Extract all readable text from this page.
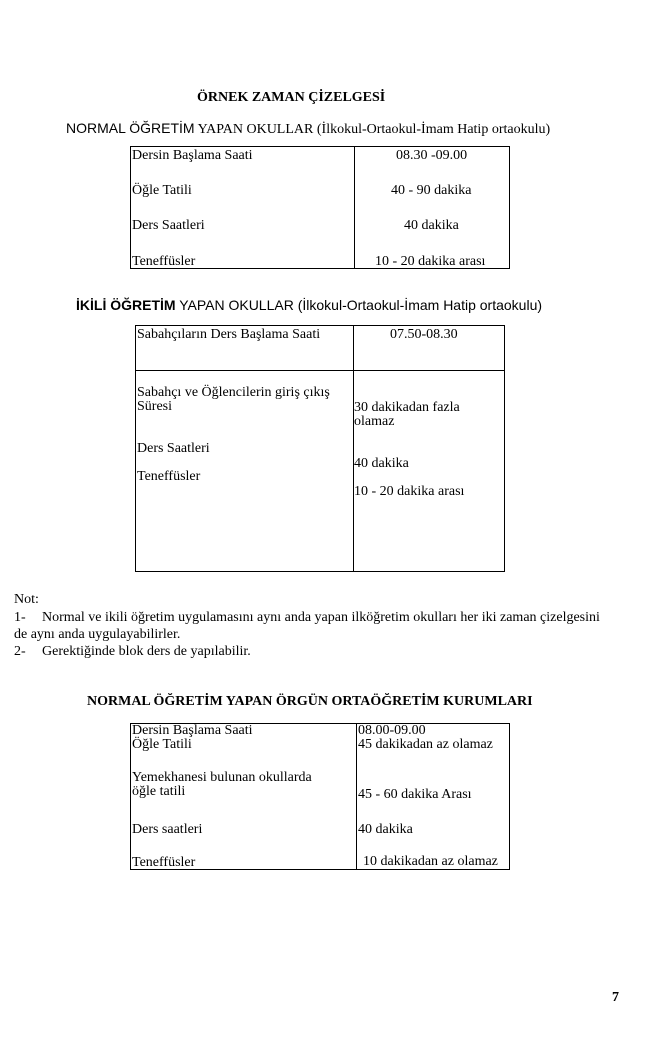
ÖRNEK ZAMAN ÇİZELGESİ
NORMAL ÖĞRETİM YAPAN OKULLAR (İlkokul-Ortaokul-İmam Hatip ortaokulu)
Dersin Başlama Saati
Öğle Tatili
Ders Saatleri
Teneffüsler
08.30 -09.00
40 - 90 dakika
40 dakika
10 - 20 dakika arası
İKİLİ ÖĞRETİM YAPAN OKULLAR (İlkokul-Ortaokul-İmam Hatip ortaokulu)
Sabahçıların Ders Başlama Saati	07.50-08.30
Sabahçı ve Öğlencilerin giriş çıkış
Süresi
Ders Saatleri
Teneffüsler
30 dakikadan fazla
olamaz
40 dakika
10 - 20 dakika arası
Not:
1- Normal ve ikili öğretim uygulamasını aynı anda yapan ilköğretim okulları her iki zaman çizelgesini
de aynı anda uygulayabilirler.
2- Gerektiğinde blok ders de yapılabilir.
NORMAL ÖĞRETİM YAPAN ÖRGÜN ORTAÖĞRETİM KURUMLARI
Dersin Başlama Saati
Öğle Tatili
Yemekhanesi bulunan okullarda
öğle tatili
Ders saatleri
Teneffüsler
08.00-09.00
45 dakikadan az olamaz
45 - 60 dakika Arası
40 dakika
10 dakikadan az olamaz
7
